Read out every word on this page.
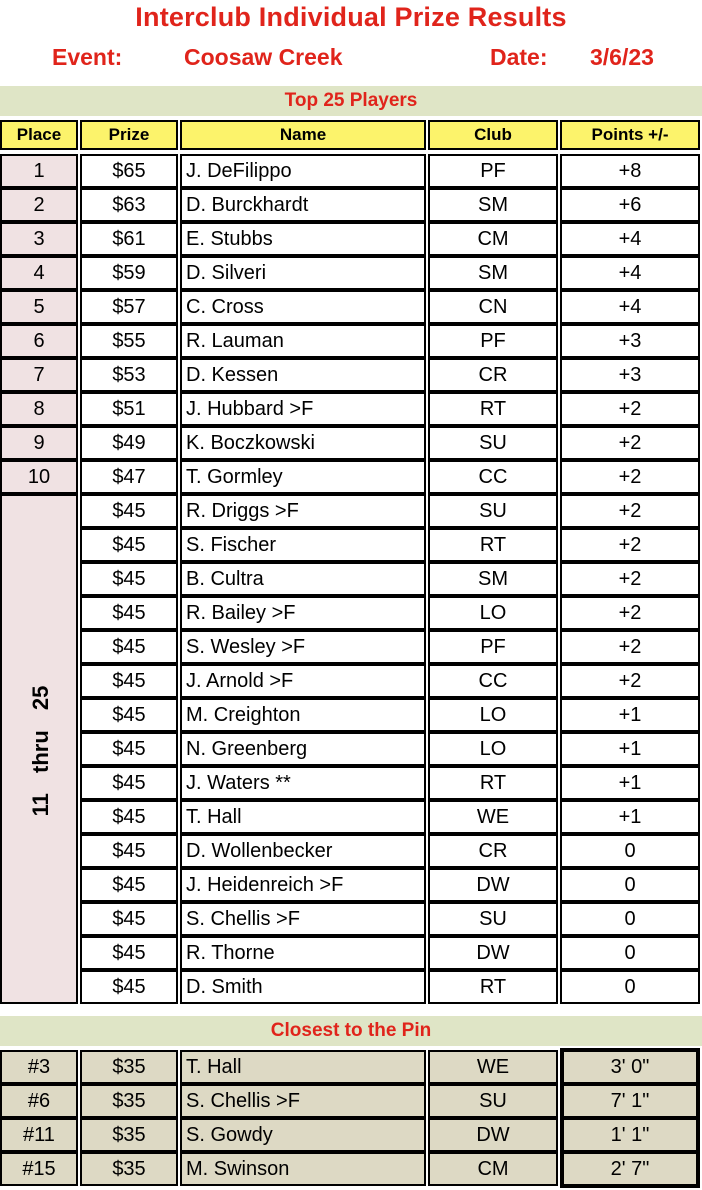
Interclub Individual Prize Results
Event:	Coosaw Creek	Date: 3/6/23
Top 25 Players
Place	Prize	Name	Club	Points +/-
1	$65	J. DeFilippo	PF	+8
2	$63	D. Burckhardt	SM	+6
3	$61	E. Stubbs	CM	+4
4	$59	D. Silveri	SM	+4
5	$57	C. Cross	CN	+4
6	$55	R. Lauman	PF	+3
7	$53	D. Kessen	CR	+3
8	$51	J. Hubbard >F	RT	+2
9	$49	K. Boczkowski	SU	+2
10	$47	T. Gormley	CC	+2
$45	R. Driggs >F	SU	+2
$45	S. Fischer	RT	+2
$45	B. Cultra	SM	+2
$45	R. Bailey >F	LO	+2
$45	S. Wesley >F	PF	+2
$45	J. Arnold >F	CC	+2
$45	M. Creighton	LO	+1
$45	N. Greenberg	LO	+1
$45	J. Waters **	RT	+1
$45	T. Hall	WE	+1
$45	D. Wollenbecker	CR	0
$45	J. Heidenreich >F	DW	0
$45	S. Chellis >F	SU	0
$45	R. Thorne	DW	0
$45	D. Smith	RT	0
11 thru 25
Closest to the Pin
#3	$35	T. Hall	WE	3' 0"
#6	$35	S. Chellis >F	SU	7' 1"
#11	$35	S. Gowdy	DW	1' 1"
#15	$35	M. Swinson	CM	2' 7"
